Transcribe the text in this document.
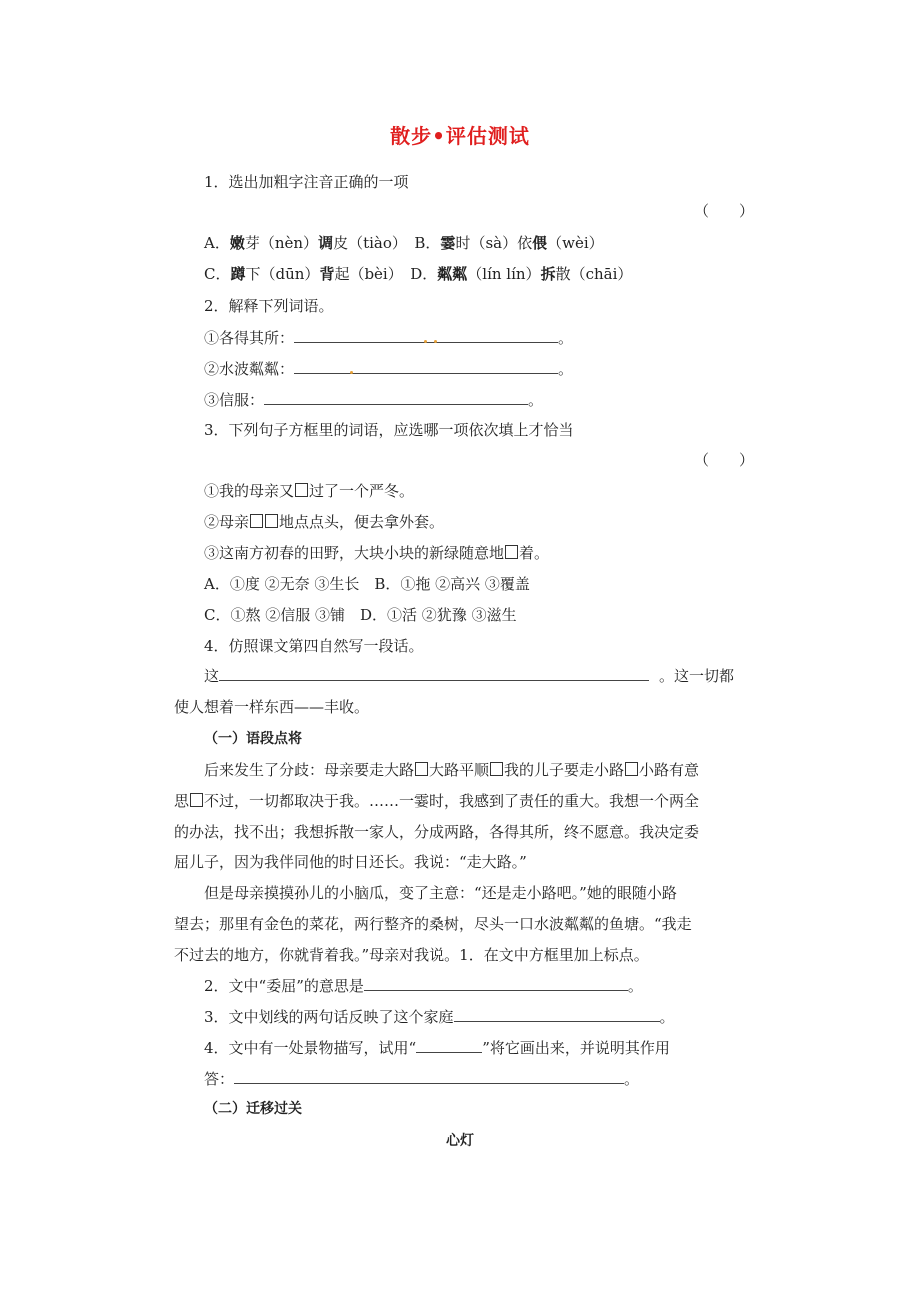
散步•评估测试
1．选出加粗字注音正确的一项
（　　）
A．嫩芽（nèn）调皮（tiào）　B．霎时（sà）依偎（wèi）
C．蹲下（dūn）背起（bèi）　D．粼粼（lín lín）拆散（chāi）
2．解释下列词语。
①各得其所：	。
②水波粼粼：	。
③信服：	。
3．下列句子方框里的词语，应选哪一项依次填上才恰当
（　　）
①我的母亲又 过了一个严冬。
②母亲 地点点头，便去拿外套。
③这南方初春的田野，大块小块的新绿随意地 着。
A．①度 ②无奈 ③生长　B．①拖 ②高兴 ③覆盖
C．①熬 ②信服 ③铺　D．①活 ②犹豫 ③滋生
4．仿照课文第四自然写一段话。
这	。这一切都
使人想着一样东西——丰收。
（一）语段点将
后来发生了分歧：母亲要走大路 大路平顺 我的儿子要走小路 小路有意
思 不过，一切都取决于我。……一霎时，我感到了责任的重大。我想一个两全
的办法，找不出；我想拆散一家人，分成两路，各得其所，终不愿意。我决定委
屈儿子，因为我伴同他的时日还长。我说：“走大路。”
但是母亲摸摸孙儿的小脑瓜，变了主意：“还是走小路吧。”她的眼随小路
望去；那里有金色的菜花，两行整齐的桑树，尽头一口水波粼粼的鱼塘。“我走
不过去的地方，你就背着我。”母亲对我说。1．在文中方框里加上标点。
2．文中“委屈”的意思是	。
3．文中划线的两句话反映了这个家庭	。
4．文中有一处景物描写，试用“	”将它画出来，并说明其作用
答：	。
（二）迁移过关
心灯
